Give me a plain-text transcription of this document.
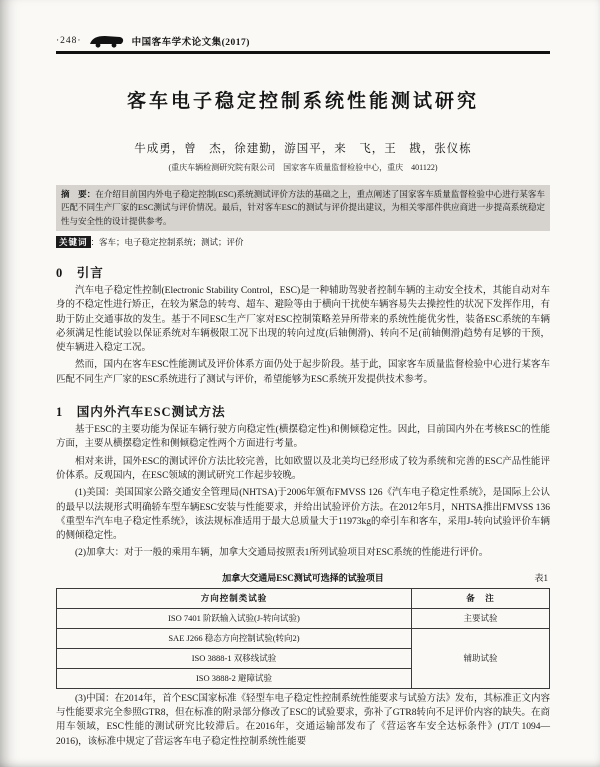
·248·	中国客车学术论文集(2017)
客车电子稳定控制系统性能测试研究
牛成勇，曾　杰，徐建勤，游国平，来　飞，王　戡，张仪栋
(重庆车辆检测研究院有限公司　国家客车质量监督检验中心，重庆　401122)

摘　要：在介绍目前国内外电子稳定控制(ESC)系统测试评价方法的基础之上，重点阐述了国家客车质量监督检验中心进行某客车匹配不同生产厂家的ESC测试与评价情况。最后，针对客车ESC的测试与评价提出建议，为相关零部件供应商进一步提高系统稳定性与安全性的设计提供参考。

关键词 ：客车；电子稳定控制系统；测试；评价

0　引言

汽车电子稳定性控制(Electronic Stability Control，ESC)是一种辅助驾驶者控制车辆的主动安全技术，其能自动对车身的不稳定性进行矫正，在较为紧急的转弯、超车、避险等由于横向干扰使车辆容易失去操控性的状况下发挥作用，有助于防止交通事故的发生。基于不同ESC生产厂家对ESC控制策略差异所带来的系统性能优劣性，装备ESC系统的车辆必须满足性能试验以保证系统对车辆极限工况下出现的转向过度(后轴侧滑)、转向不足(前轴侧滑)趋势有足够的干预，使车辆进入稳定工况。

然而，国内在客车ESC性能测试及评价体系方面仍处于起步阶段。基于此，国家客车质量监督检验中心进行某客车匹配不同生产厂家的ESC系统进行了测试与评价，希望能够为ESC系统开发提供技术参考。

1　国内外汽车ESC测试方法

基于ESC的主要功能为保证车辆行驶方向稳定性(横摆稳定性)和侧倾稳定性。因此，目前国内外在考核ESC的性能方面，主要从横摆稳定性和侧倾稳定性两个方面进行考量。

相对来讲，国外ESC的测试评价方法比较完善，比如欧盟以及北美均已经形成了较为系统和完善的ESC产品性能评价体系。反观国内，在ESC领域的测试研究工作起步较晚。

(1)美国：美国国家公路交通安全管理局(NHTSA)于2006年颁布FMVSS 126《汽车电子稳定性系统》，是国际上公认的最早以法规形式明确轿车型车辆ESC安装与性能要求，并给出试验评价方法。在2012年5月，NHTSA推出FMVSS 136《重型车汽车电子稳定性系统》，该法规标准适用于最大总质量大于11973kg的牵引车和客车，采用J-转向试验评价车辆的侧倾稳定性。

(2)加拿大：对于一般的乘用车辆，加拿大交通局按照表1所列试验项目对ESC系统的性能进行评价。

加拿大交通局ESC测试可选择的试验项目	表1
方向控制类试验	备　注
ISO 7401 阶跃输入试验(J-转向试验)	主要试验
SAE J266 稳态方向控制试验(转向2)	辅助试验
ISO 3888-1 双移线试验	
ISO 3888-2 避障试验	

(3)中国：在2014年，首个ESC国家标准《轻型车电子稳定性控制系统性能要求与试验方法》发布，其标准正文内容与性能要求完全参照GTR8，但在标准的附录部分修改了ESC的试验要求，弥补了GTR8转向不足评价内容的缺失。在商用车领域，ESC性能的测试研究比较滞后。在2016年，交通运输部发布了《营运客车安全达标条件》(JT/T 1094—2016)，该标准中规定了营运客车电子稳定性控制系统性能要
